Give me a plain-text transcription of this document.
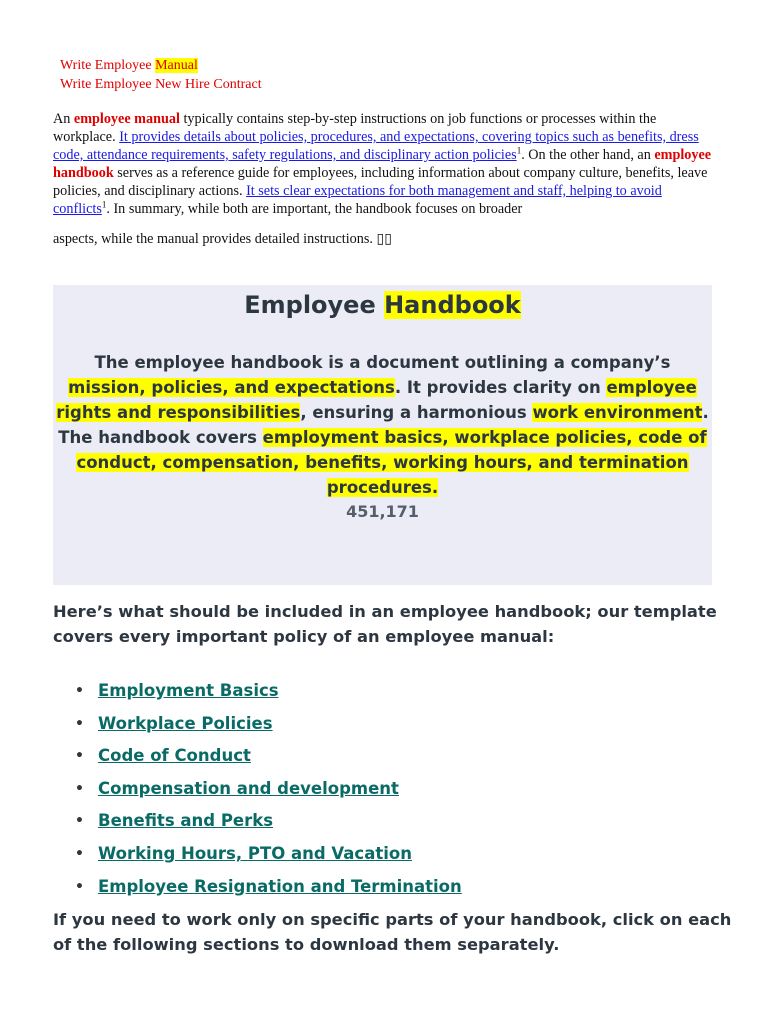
Write Employee Manual
Write Employee New Hire Contract
An employee manual typically contains step-by-step instructions on job functions or processes within the workplace. It provides details about policies, procedures, and expectations, covering topics such as benefits, dress code, attendance requirements, safety regulations, and disciplinary action policies$^1$. On the other hand, an employee handbook serves as a reference guide for employees, including information about company culture, benefits, leave policies, and disciplinary actions. It sets clear expectations for both management and staff, helping to avoid conflicts$^1$. In summary, while both are important, the handbook focuses on broader
aspects, while the manual provides detailed instructions. ▯▯
Employee Handbook
The employee handbook is a document outlining a company’s mission, policies, and expectations. It provides clarity on employee rights and responsibilities, ensuring a harmonious work environment. The handbook covers employment basics, workplace policies, code of conduct, compensation, benefits, working hours, and termination procedures.
451,171
Here’s what should be included in an employee handbook; our template covers every important policy of an employee manual:
• Employment Basics
• Workplace Policies
• Code of Conduct
• Compensation and development
• Benefits and Perks
• Working Hours, PTO and Vacation
• Employee Resignation and Termination
If you need to work only on specific parts of your handbook, click on each of the following sections to download them separately.
